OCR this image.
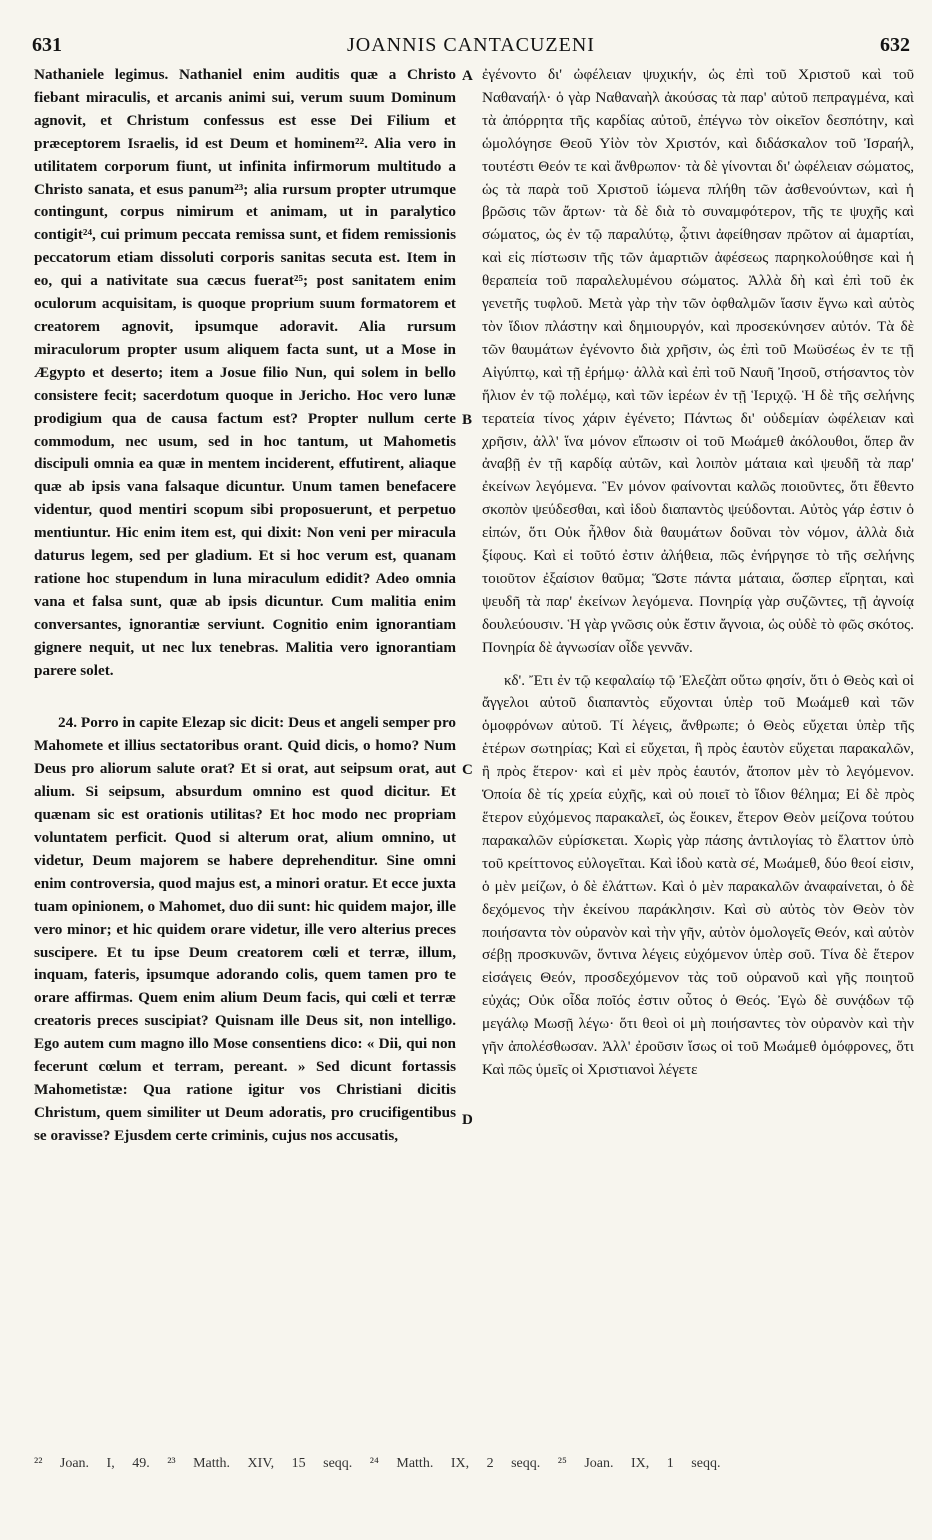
631	JOANNIS CANTACUZENI	632

Nathaniele legimus. Nathaniel enim auditis quæ a Christo fiebant miraculis, et arcanis animi sui, verum suum Dominum agnovit, et Christum confessus est esse Dei Filium et præceptorem Israelis, id est Deum et hominem²². Alia vero in utilitatem corporum fiunt, ut infinita infirmorum multitudo a Christo sanata, et esus panum²³; alia rursum propter utrumque contingunt, corpus nimirum et animam, ut in paralytico contigit²⁴, cui primum peccata remissa sunt, et fidem remissionis peccatorum etiam dissoluti corporis sanitas secuta est. Item in eo, qui a nativitate sua cæcus fuerat²⁵; post sanitatem enim oculorum acquisitam, is quoque proprium suum formatorem et creatorem agnovit, ipsumque adoravit. Alia rursum miraculorum propter usum aliquem facta sunt, ut a Mose in Ægypto et deserto; item a Josue filio Nun, qui solem in bello consistere fecit; sacerdotum quoque in Jericho. Hoc vero lunæ prodigium qua de causa factum est? Propter nullum certe commodum, nec usum, sed in hoc tantum, ut Mahometis discipuli omnia ea quæ in mentem inciderent, effutirent, aliaque quæ ab ipsis vana falsaque dicuntur. Unum tamen benefacere videntur, quod mentiri scopum sibi proposuerunt, et perpetuo mentiuntur. Hic enim item est, qui dixit: Non veni per miracula daturus legem, sed per gladium. Et si hoc verum est, quanam ratione hoc stupendum in luna miraculum edidit? Adeo omnia vana et falsa sunt, quæ ab ipsis dicuntur. Cum malitia enim conversantes, ignorantiæ serviunt. Cognitio enim ignorantiam gignere nequit, ut nec lux tenebras. Malitia vero ignorantiam parere solet.

24. Porro in capite Elezap sic dicit: Deus et angeli semper pro Mahomete et illius sectatoribus orant. Quid dicis, o homo? Num Deus pro aliorum salute orat? Et si orat, aut seipsum orat, aut alium. Si seipsum, absurdum omnino est quod dicitur. Et quænam sic est orationis utilitas? Et hoc modo nec propriam voluntatem perficit. Quod si alterum orat, alium omnino, ut videtur, Deum majorem se habere deprehenditur. Sine omni enim controversia, quod majus est, a minori oratur. Et ecce juxta tuam opinionem, o Mahomet, duo dii sunt: hic quidem major, ille vero minor; et hic quidem orare videtur, ille vero alterius preces suscipere. Et tu ipse Deum creatorem cœli et terræ, illum, inquam, fateris, ipsumque adorando colis, quem tamen pro te orare affirmas. Quem enim alium Deum facis, qui cœli et terræ creatoris preces suscipiat? Quisnam ille Deus sit, non intelligo. Ego autem cum magno illo Mose consentiens dico: « Dii, qui non fecerunt cœlum et terram, pereant. » Sed dicunt fortassis Mahometistæ: Qua ratione igitur vos Christiani dicitis Christum, quem similiter ut Deum adoratis, pro crucifigentibus se oravisse? Ejusdem certe criminis, cujus nos accusatis,

A
B
C
D

ἐγένοντο δι' ὠφέλειαν ψυχικήν, ὡς ἐπὶ τοῦ Χριστοῦ καὶ τοῦ Ναθαναήλ· ὁ γὰρ Ναθαναὴλ ἀκούσας τὰ παρ' αὐτοῦ πεπραγμένα, καὶ τὰ ἀπόρρητα τῆς καρδίας αὐτοῦ, ἐπέγνω τὸν οἰκεῖον δεσπότην, καὶ ὡμολόγησε Θεοῦ Υἱὸν τὸν Χριστόν, καὶ διδάσκαλον τοῦ Ἰσραήλ, τουτέστι Θεόν τε καὶ ἄνθρωπον· τὰ δὲ γίνονται δι' ὠφέλειαν σώματος, ὡς τὰ παρὰ τοῦ Χριστοῦ ἰώμενα πλήθη τῶν ἀσθενούντων, καὶ ἡ βρῶσις τῶν ἄρτων· τὰ δὲ διὰ τὸ συναμφότερον, τῆς τε ψυχῆς καὶ σώματος, ὡς ἐν τῷ παραλύτῳ, ᾧτινι ἀφείθησαν πρῶτον αἱ ἁμαρτίαι, καὶ εἰς πίστωσιν τῆς τῶν ἁμαρτιῶν ἀφέσεως παρηκολούθησε καὶ ἡ θεραπεία τοῦ παραλελυμένου σώματος. Ἀλλὰ δὴ καὶ ἐπὶ τοῦ ἐκ γενετῆς τυφλοῦ. Μετὰ γὰρ τὴν τῶν ὀφθαλμῶν ἴασιν ἔγνω καὶ αὐτὸς τὸν ἴδιον πλάστην καὶ δημιουργόν, καὶ προσεκύνησεν αὐτόν. Τὰ δὲ τῶν θαυμάτων ἐγένοντο διὰ χρῆσιν, ὡς ἐπὶ τοῦ Μωϋσέως ἐν τε τῇ Αἰγύπτῳ, καὶ τῇ ἐρήμῳ· ἀλλὰ καὶ ἐπὶ τοῦ Ναυῆ Ἰησοῦ, στήσαντος τὸν ἥλιον ἐν τῷ πολέμῳ, καὶ τῶν ἱερέων ἐν τῇ Ἱεριχῷ. Ἡ δὲ τῆς σελήνης τερατεία τίνος χάριν ἐγένετο; Πάντως δι' οὐδεμίαν ὠφέλειαν καὶ χρῆσιν, ἀλλ' ἵνα μόνον εἴπωσιν οἱ τοῦ Μωάμεθ ἀκόλουθοι, ὅπερ ἂν ἀναβῇ ἐν τῇ καρδίᾳ αὐτῶν, καὶ λοιπὸν μάταια καὶ ψευδῆ τὰ παρ' ἐκείνων λεγόμενα. Ἓν μόνον φαίνονται καλῶς ποιοῦντες, ὅτι ἔθεντο σκοπὸν ψεύδεσθαι, καὶ ἰδοὺ διαπαντὸς ψεύδονται. Αὐτὸς γάρ ἐστιν ὁ εἰπών, ὅτι Οὐκ ἦλθον διὰ θαυμάτων δοῦναι τὸν νόμον, ἀλλὰ διὰ ξίφους. Καὶ εἰ τοῦτό ἐστιν ἀλήθεια, πῶς ἐνήργησε τὸ τῆς σελήνης τοιοῦτον ἐξαίσιον θαῦμα; Ὥστε πάντα μάταια, ὥσπερ εἴρηται, καὶ ψευδῆ τὰ παρ' ἐκείνων λεγόμενα. Πονηρίᾳ γὰρ συζῶντες, τῇ ἀγνοίᾳ δουλεύουσιν. Ἡ γὰρ γνῶσις οὐκ ἔστιν ἄγνοια, ὡς οὐδὲ τὸ φῶς σκότος. Πονηρία δὲ ἀγνωσίαν οἶδε γεννᾶν.

κδ'. Ἔτι ἐν τῷ κεφαλαίῳ τῷ Ἐλεζὰπ οὕτω φησίν, ὅτι ὁ Θεὸς καὶ οἱ ἄγγελοι αὐτοῦ διαπαντὸς εὔχονται ὑπὲρ τοῦ Μωάμεθ καὶ τῶν ὁμοφρόνων αὐτοῦ. Τί λέγεις, ἄνθρωπε; ὁ Θεὸς εὔχεται ὑπὲρ τῆς ἑτέρων σωτηρίας; Καὶ εἰ εὔχεται, ἢ πρὸς ἑαυτὸν εὔχεται παρακαλῶν, ἢ πρὸς ἕτερον· καὶ εἰ μὲν πρὸς ἑαυτόν, ἄτοπον μὲν τὸ λεγόμενον. Ὁποία δὲ τίς χρεία εὐχῆς, καὶ οὐ ποιεῖ τὸ ἴδιον θέλημα; Εἰ δὲ πρὸς ἕτερον εὐχόμενος παρακαλεῖ, ὡς ἔοικεν, ἕτερον Θεὸν μείζονα τούτου παρακαλῶν εὑρίσκεται. Χωρὶς γὰρ πάσης ἀντιλογίας τὸ ἔλαττον ὑπὸ τοῦ κρείττονος εὐλογεῖται. Καὶ ἰδοὺ κατὰ σέ, Μωάμεθ, δύο θεοί εἰσιν, ὁ μὲν μείζων, ὁ δὲ ἐλάττων. Καὶ ὁ μὲν παρακαλῶν ἀναφαίνεται, ὁ δὲ δεχόμενος τὴν ἐκείνου παράκλησιν. Καὶ σὺ αὐτὸς τὸν Θεὸν τὸν ποιήσαντα τὸν οὐρανὸν καὶ τὴν γῆν, αὐτὸν ὁμολογεῖς Θεόν, καὶ αὐτὸν σέβῃ προσκυνῶν, ὅντινα λέγεις εὐχόμενον ὑπὲρ σοῦ. Τίνα δὲ ἕτερον εἰσάγεις Θεόν, προσδεχόμενον τὰς τοῦ οὐρανοῦ καὶ γῆς ποιητοῦ εὐχάς; Οὐκ οἶδα ποῖός ἐστιν οὗτος ὁ Θεός. Ἐγὼ δὲ συνᾴδων τῷ μεγάλῳ Μωσῇ λέγω· ὅτι θεοὶ οἱ μὴ ποιήσαντες τὸν οὐρανὸν καὶ τὴν γῆν ἀπολέσθωσαν. Ἀλλ' ἐροῦσιν ἴσως οἱ τοῦ Μωάμεθ ὁμόφρονες, ὅτι Καὶ πῶς ὑμεῖς οἱ Χριστιανοὶ λέγετε

²² Joan. I, 49. ²³ Matth. XIV, 15 seqq. ²⁴ Matth. IX, 2 seqq. ²⁵ Joan. IX, 1 seqq.
